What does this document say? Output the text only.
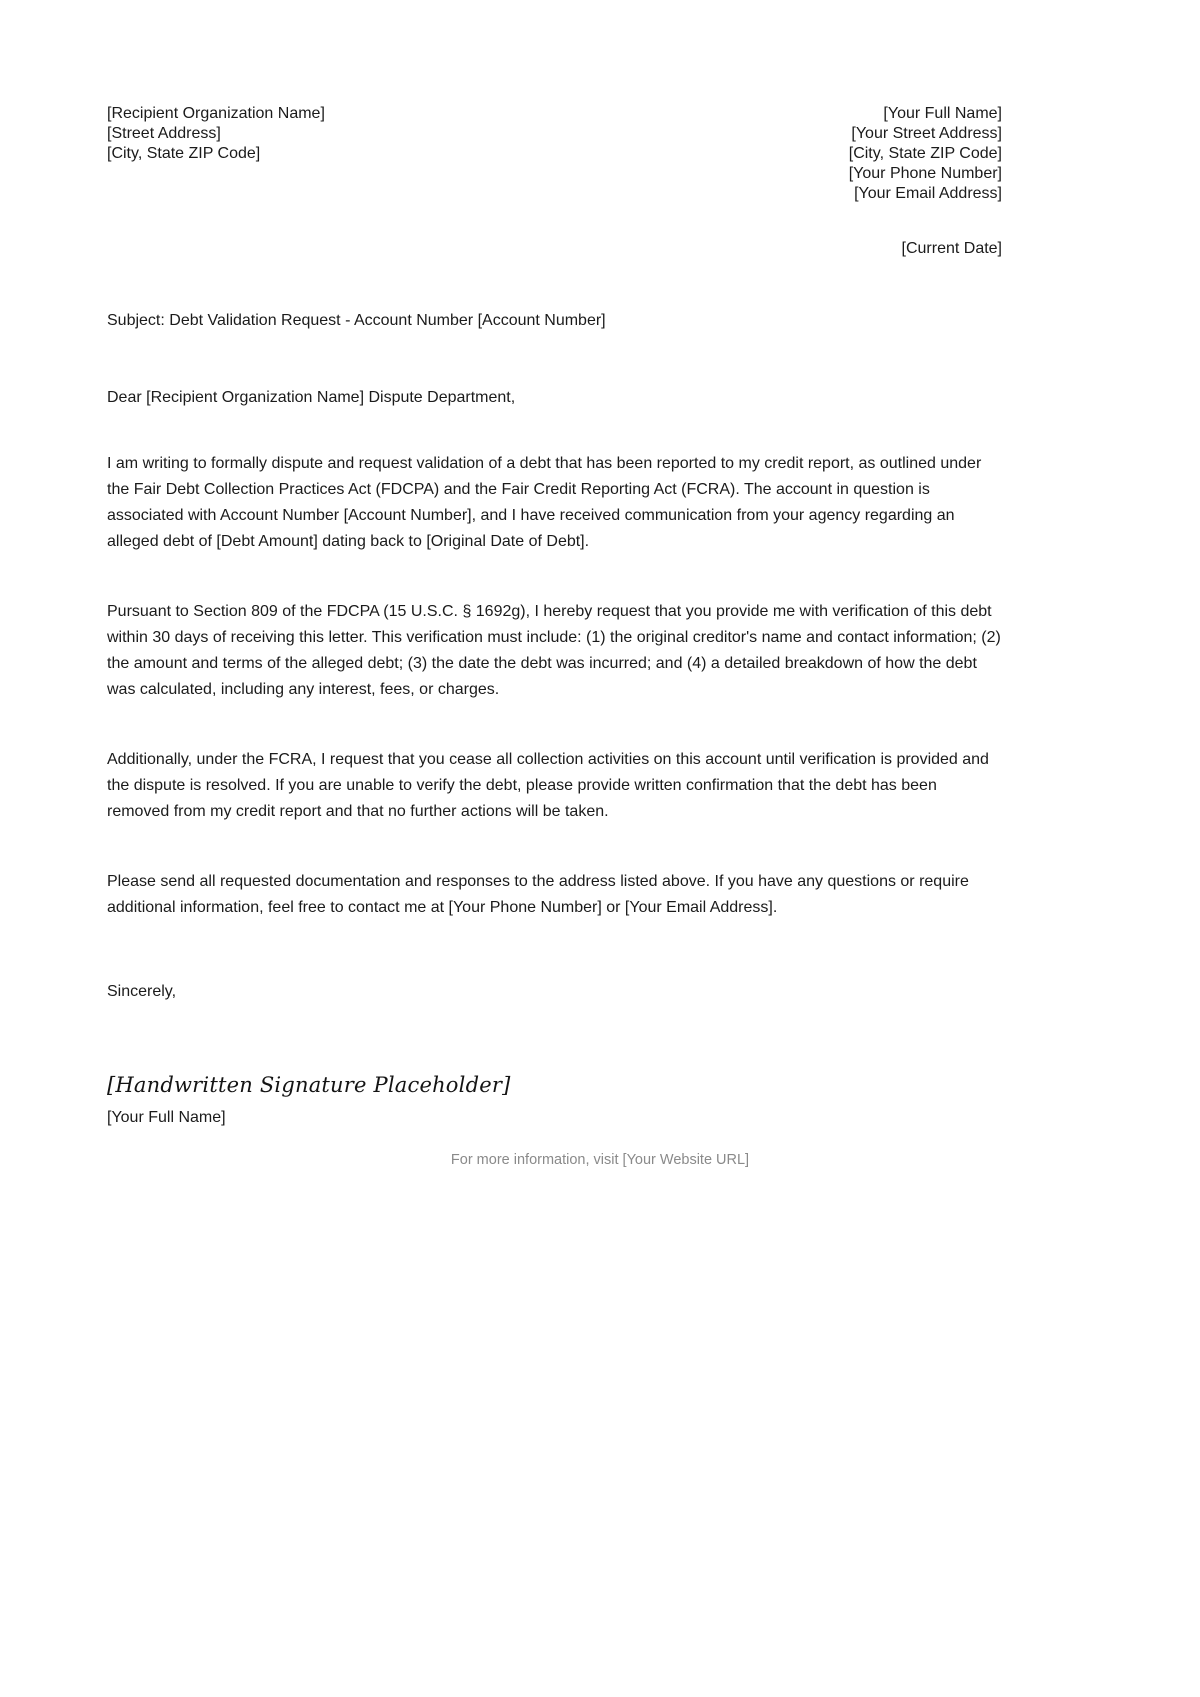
[Recipient Organization Name]
[Street Address]
[City, State ZIP Code]
[Your Full Name]
[Your Street Address]
[City, State ZIP Code]
[Your Phone Number]
[Your Email Address]
[Current Date]
Subject: Debt Validation Request - Account Number [Account Number]
Dear [Recipient Organization Name] Dispute Department,

I am writing to formally dispute and request validation of a debt that has been reported to my credit report, as outlined under the Fair Debt Collection Practices Act (FDCPA) and the Fair Credit Reporting Act (FCRA). The account in question is associated with Account Number [Account Number], and I have received communication from your agency regarding an alleged debt of [Debt Amount] dating back to [Original Date of Debt].

Pursuant to Section 809 of the FDCPA (15 U.S.C. § 1692g), I hereby request that you provide me with verification of this debt within 30 days of receiving this letter. This verification must include: (1) the original creditor's name and contact information; (2) the amount and terms of the alleged debt; (3) the date the debt was incurred; and (4) a detailed breakdown of how the debt was calculated, including any interest, fees, or charges.

Additionally, under the FCRA, I request that you cease all collection activities on this account until verification is provided and the dispute is resolved. If you are unable to verify the debt, please provide written confirmation that the debt has been removed from my credit report and that no further actions will be taken.

Please send all requested documentation and responses to the address listed above. If you have any questions or require additional information, feel free to contact me at [Your Phone Number] or [Your Email Address].

Sincerely,
[Handwritten Signature Placeholder]
[Your Full Name]
For more information, visit [Your Website URL]
